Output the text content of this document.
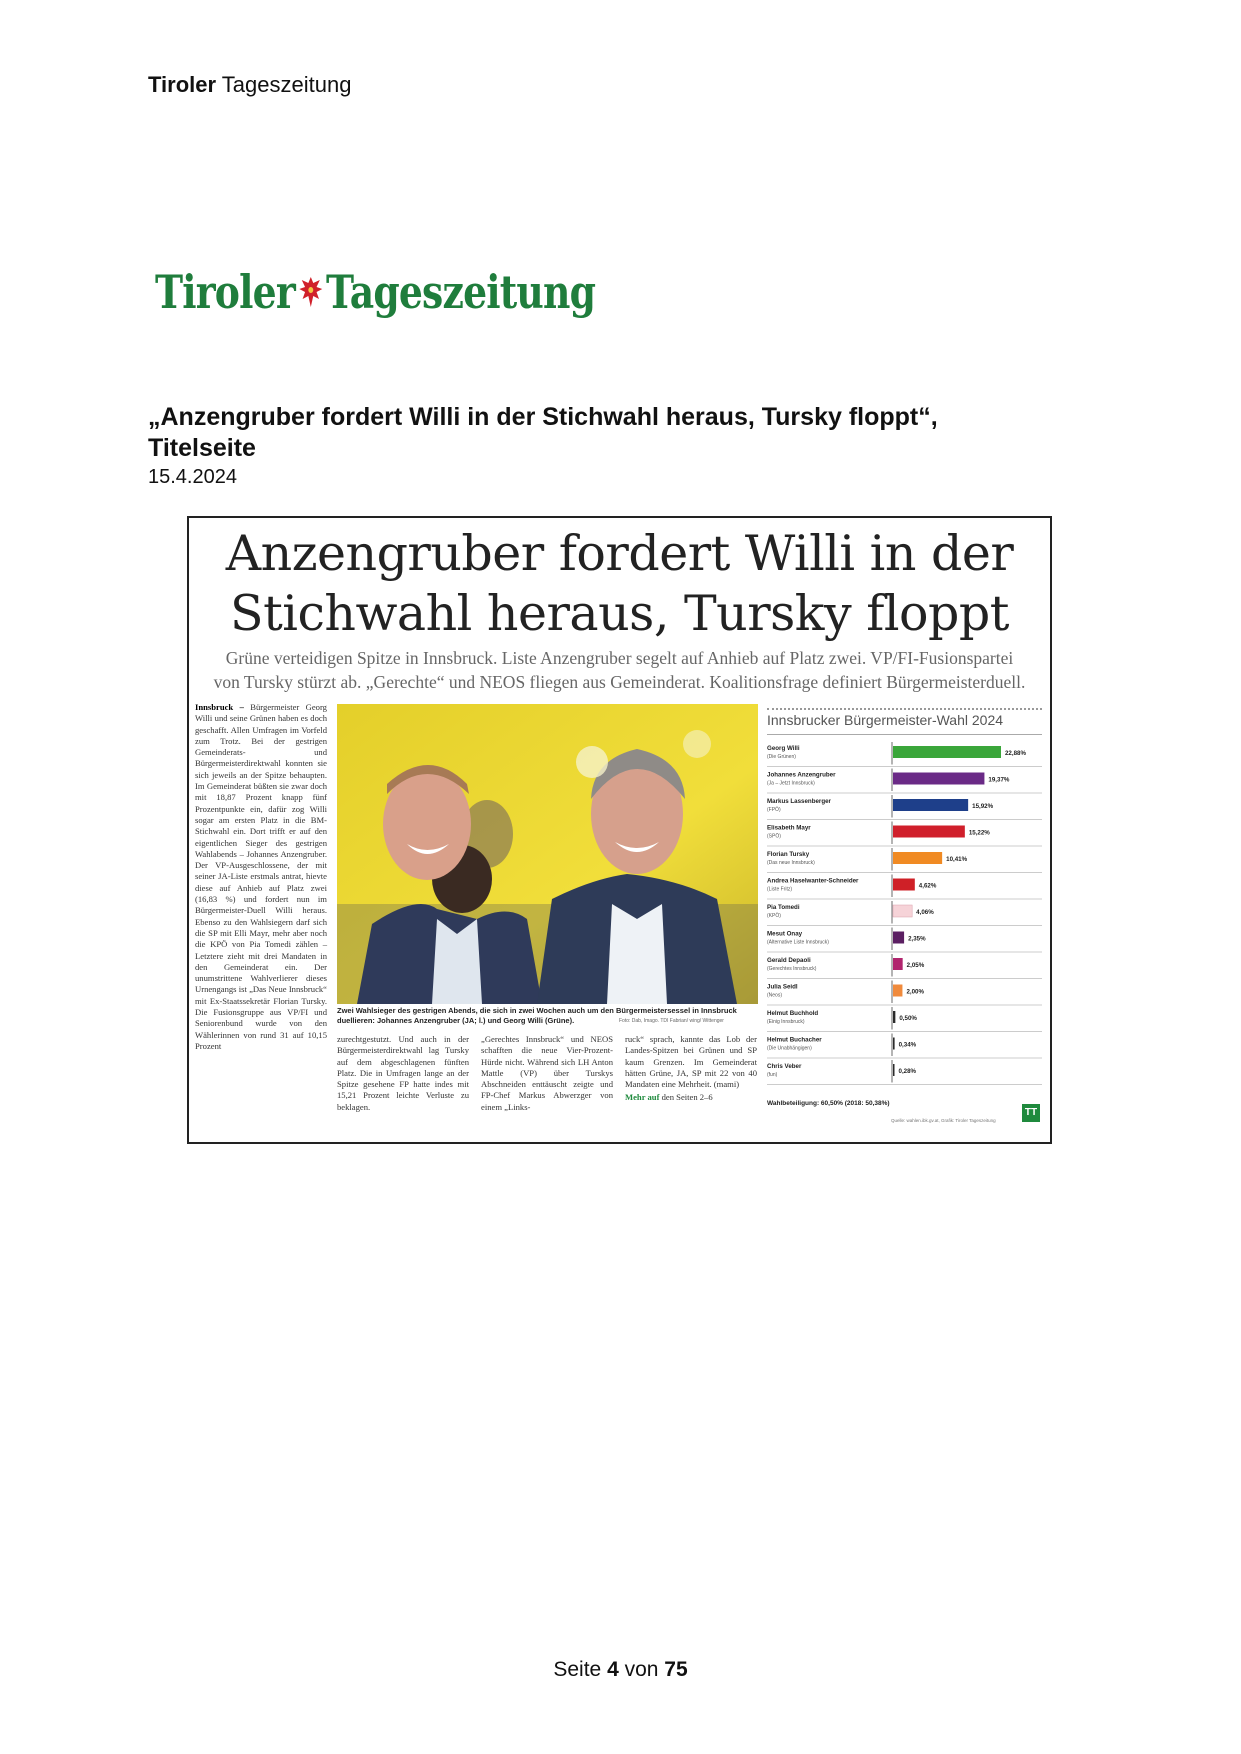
Tiroler Tageszeitung
Tiroler Tageszeitung
„Anzengruber fordert Willi in der Stichwahl heraus, Tursky floppt“, Titelseite
15.4.2024
Anzengruber fordert Willi in der
Stichwahl heraus, Tursky floppt
Grüne verteidigen Spitze in Innsbruck. Liste Anzengruber segelt auf Anhieb auf Platz zwei. VP/FI-Fusionspartei
von Tursky stürzt ab. „Gerechte“ und NEOS fliegen aus Gemeinderat. Koalitionsfrage definiert Bürgermeisterduell.
Innsbruck – Bürgermeister Georg Willi und seine Grünen haben es doch geschafft. Allen Umfragen im Vorfeld zum Trotz. Bei der gestrigen Gemeinderats- und Bürgermeisterdirektwahl konnten sie sich jeweils an der Spitze behaupten. Im Gemeinderat büßten sie zwar doch mit 18,87 Prozent knapp fünf Prozentpunkte ein, dafür zog Willi sogar am ersten Platz in die BM-Stichwahl ein. Dort trifft er auf den eigentlichen Sieger des gestrigen Wahlabends – Johannes Anzengruber. Der VP-Ausgeschlossene, der mit seiner JA-Liste erstmals antrat, hievte diese auf Anhieb auf Platz zwei (16,83 %) und fordert nun im Bürgermeister-Duell Willi heraus. Ebenso zu den Wahlsiegern darf sich die SP mit Elli Mayr, mehr aber noch die KPÖ von Pia Tomedi zählen – Letztere zieht mit drei Mandaten in den Gemeinderat ein. Der unumstrittene Wahlverlierer dieses Urnengangs ist „Das Neue Innsbruck“ mit Ex-Staatssekretär Florian Tursky. Die Fusionsgruppe aus VP/FI und Seniorenbund wurde von den Wählerinnen von rund 31 auf 10,15 Prozent
Zwei Wahlsieger des gestrigen Abends, die sich in zwei Wochen auch um den Bürgermeistersessel in Innsbruck duellieren: Johannes Anzengruber (JA; l.) und Georg Willi (Grüne).	Foto: Dab, Imago. TDI Fabrian/ wing/ Wittenger
zurechtgestutzt. Und auch in der Bürgermeisterdirektwahl lag Tursky auf dem abgeschlagenen fünften Platz. Die in Umfragen lange an der Spitze gesehene FP hatte indes mit 15,21 Prozent leichte Verluste zu beklagen.
„Gerechtes Innsbruck“ und NEOS schafften die neue Vier-Prozent-Hürde nicht. Während sich LH Anton Mattle (VP) über Turskys Abschneiden enttäuscht zeigte und FP-Chef Markus Abwerzger von einem „Links-
ruck“ sprach, kannte das Lob der Landes-Spitzen bei Grünen und SP kaum Grenzen. Im Gemeinderat hätten Grüne, JA, SP mit 22 von 40 Mandaten eine Mehrheit. (mami)
Mehr auf den Seiten 2–6
Innsbrucker Bürgermeister-Wahl 2024
Georg Willi
(Die Grünen)	22,88%
Johannes Anzengruber
(Ja – Jetzt Innsbruck)	19,37%
Markus Lassenberger
(FPÖ)	15,92%
Elisabeth Mayr
(SPÖ)	15,22%
Florian Tursky
(Das neue Innsbruck)	10,41%
Andrea Haselwanter-Schneider
(Liste Fritz)	4,62%
Pia Tomedi
(KPÖ)	4,06%
Mesut Onay
(Alternative Liste Innsbruck)	2,35%
Gerald Depaoli
(Gerechtes Innsbruck)	2,05%
Julia Seidl
(Neos)	2,00%
Helmut Buchhold
(Einig Innsbruck)	0,50%
Helmut Buchacher
(Die Unabhängigen)	0,34%
Chris Veber
(fun)	0,28%
Wahlbeteiligung: 60,50% (2018: 50,38%)
Quelle: wahlen.ibk.gv.at, Grafik: Tiroler Tageszeitung
TT
Seite 4 von 75
